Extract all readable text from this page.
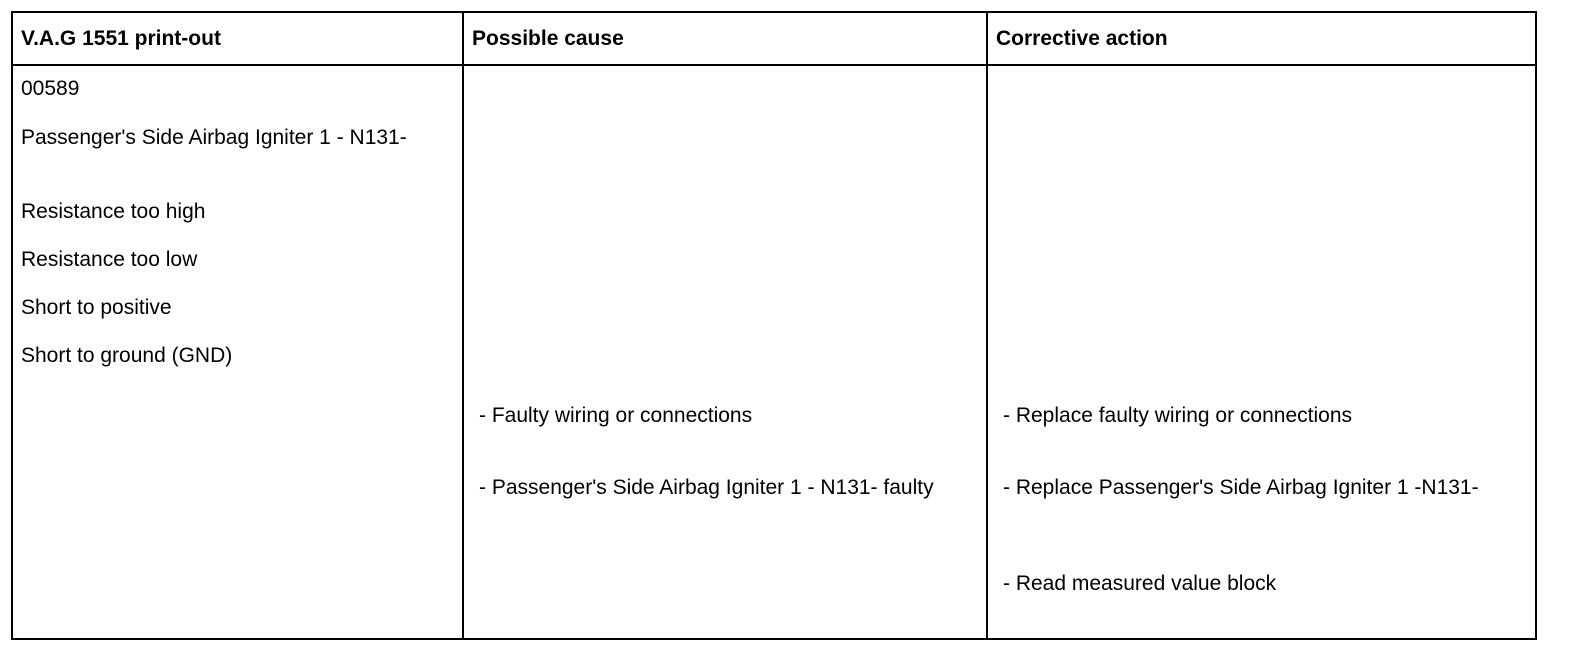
V.A.G 1551 print-out	Possible cause	Corrective action

00589

Passenger's Side Airbag Igniter 1 - N131-

Resistance too high

Resistance too low

Short to positive

Short to ground (GND)

- Faulty wiring or connections

- Passenger's Side Airbag Igniter 1 - N131- faulty

- Replace faulty wiring or connections

- Replace Passenger's Side Airbag Igniter 1 -N131-

- Read measured value block
